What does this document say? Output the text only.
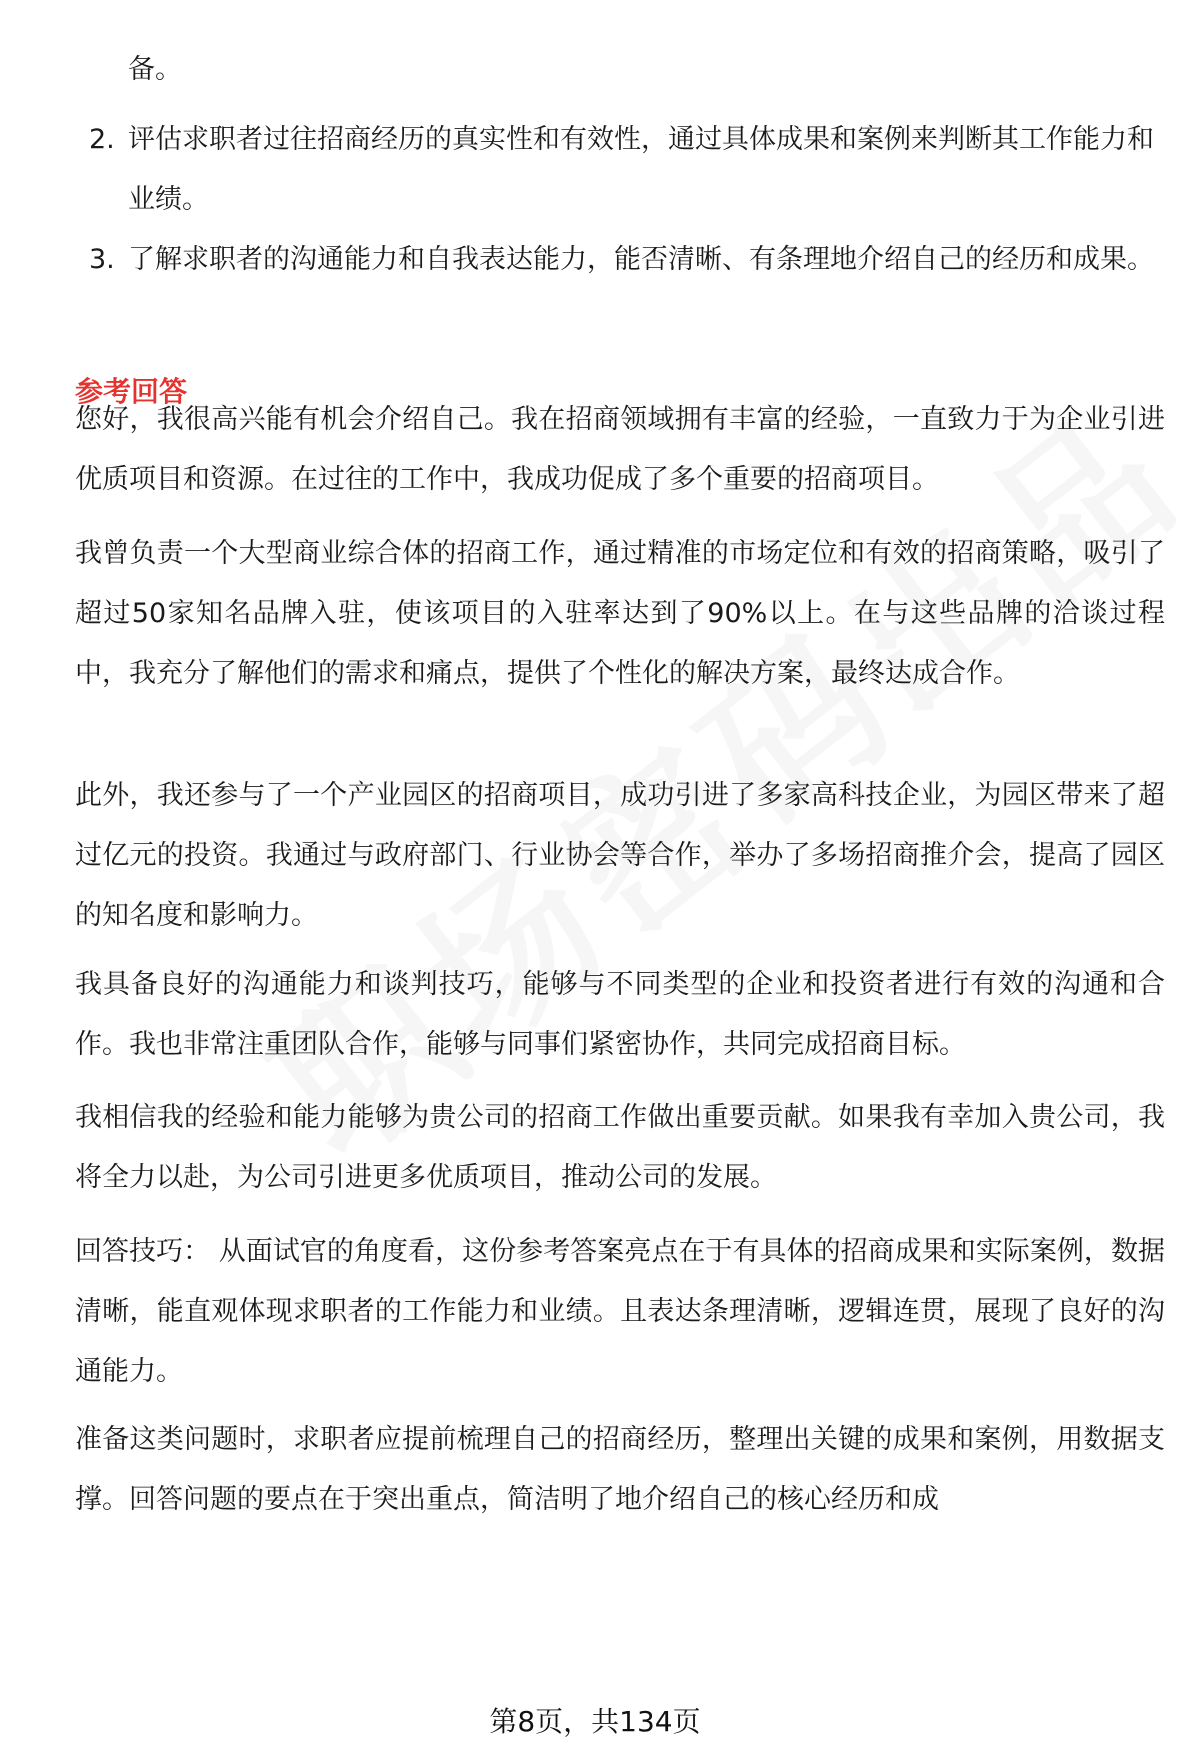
备。

2. 评估求职者过往招商经历的真实性和有效性，通过具体成果和案例来判断其工作能力和业绩。
3. 了解求职者的沟通能力和自我表达能力，能否清晰、有条理地介绍自己的经历和成果。
参考回答

您好，我很高兴能有机会介绍自己。我在招商领域拥有丰富的经验，一直致力于为企业引进优质项目和资源。在过往的工作中，我成功促成了多个重要的招商项目。

我曾负责一个大型商业综合体的招商工作，通过精准的市场定位和有效的招商策略，吸引了超过50家知名品牌入驻，使该项目的入驻率达到了90%以上。在与这些品牌的洽谈过程中，我充分了解他们的需求和痛点，提供了个性化的解决方案，最终达成合作。

此外，我还参与了一个产业园区的招商项目，成功引进了多家高科技企业，为园区带来了超过亿元的投资。我通过与政府部门、行业协会等合作，举办了多场招商推介会，提高了园区的知名度和影响力。

我具备良好的沟通能力和谈判技巧，能够与不同类型的企业和投资者进行有效的沟通和合作。我也非常注重团队合作，能够与同事们紧密协作，共同完成招商目标。

我相信我的经验和能力能够为贵公司的招商工作做出重要贡献。如果我有幸加入贵公司，我将全力以赴，为公司引进更多优质项目，推动公司的发展。

回答技巧： 从面试官的角度看，这份参考答案亮点在于有具体的招商成果和实际案例，数据清晰，能直观体现求职者的工作能力和业绩。且表达条理清晰，逻辑连贯，展现了良好的沟通能力。

准备这类问题时，求职者应提前梳理自己的招商经历，整理出关键的成果和案例，用数据支撑。回答问题的要点在于突出重点，简洁明了地介绍自己的核心经历和成

第8页，共134页
